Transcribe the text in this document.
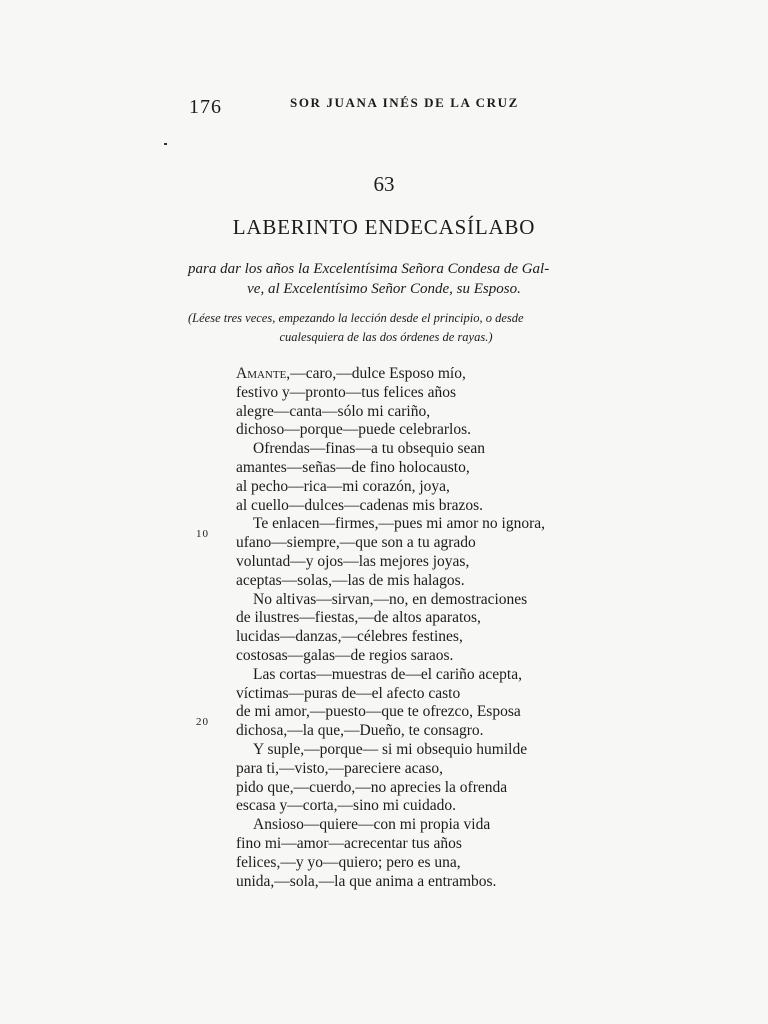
176	SOR JUANA INÉS DE LA CRUZ
63
LABERINTO ENDECASÍLABO
para dar los años la Excelentísima Señora Condesa de Gal-
ve, al Excelentísimo Señor Conde, su Esposo.
(Léese tres veces, empezando la lección desde el principio, o desde
cualesquiera de las dos órdenes de rayas.)
10
20
Amante,—caro,—dulce Esposo mío,
festivo y—pronto—tus felices años
alegre—canta—sólo mi cariño,
dichoso—porque—puede celebrarlos.
Ofrendas—finas—a tu obsequio sean
amantes—señas—de fino holocausto,
al pecho—rica—mi corazón, joya,
al cuello—dulces—cadenas mis brazos.
Te enlacen—firmes,—pues mi amor no ignora,
ufano—siempre,—que son a tu agrado
voluntad—y ojos—las mejores joyas,
aceptas—solas,—las de mis halagos.
No altivas—sirvan,—no, en demostraciones
de ilustres—fiestas,—de altos aparatos,
lucidas—danzas,—célebres festines,
costosas—galas—de regios saraos.
Las cortas—muestras de—el cariño acepta,
víctimas—puras de—el afecto casto
de mi amor,—puesto—que te ofrezco, Esposa
dichosa,—la que,—Dueño, te consagro.
Y suple,—porque— si mi obsequio humilde
para ti,—visto,—pareciere acaso,
pido que,—cuerdo,—no aprecies la ofrenda
escasa y—corta,—sino mi cuidado.
Ansioso—quiere—con mi propia vida
fino mi—amor—acrecentar tus años
felices,—y yo—quiero; pero es una,
unida,—sola,—la que anima a entrambos.
